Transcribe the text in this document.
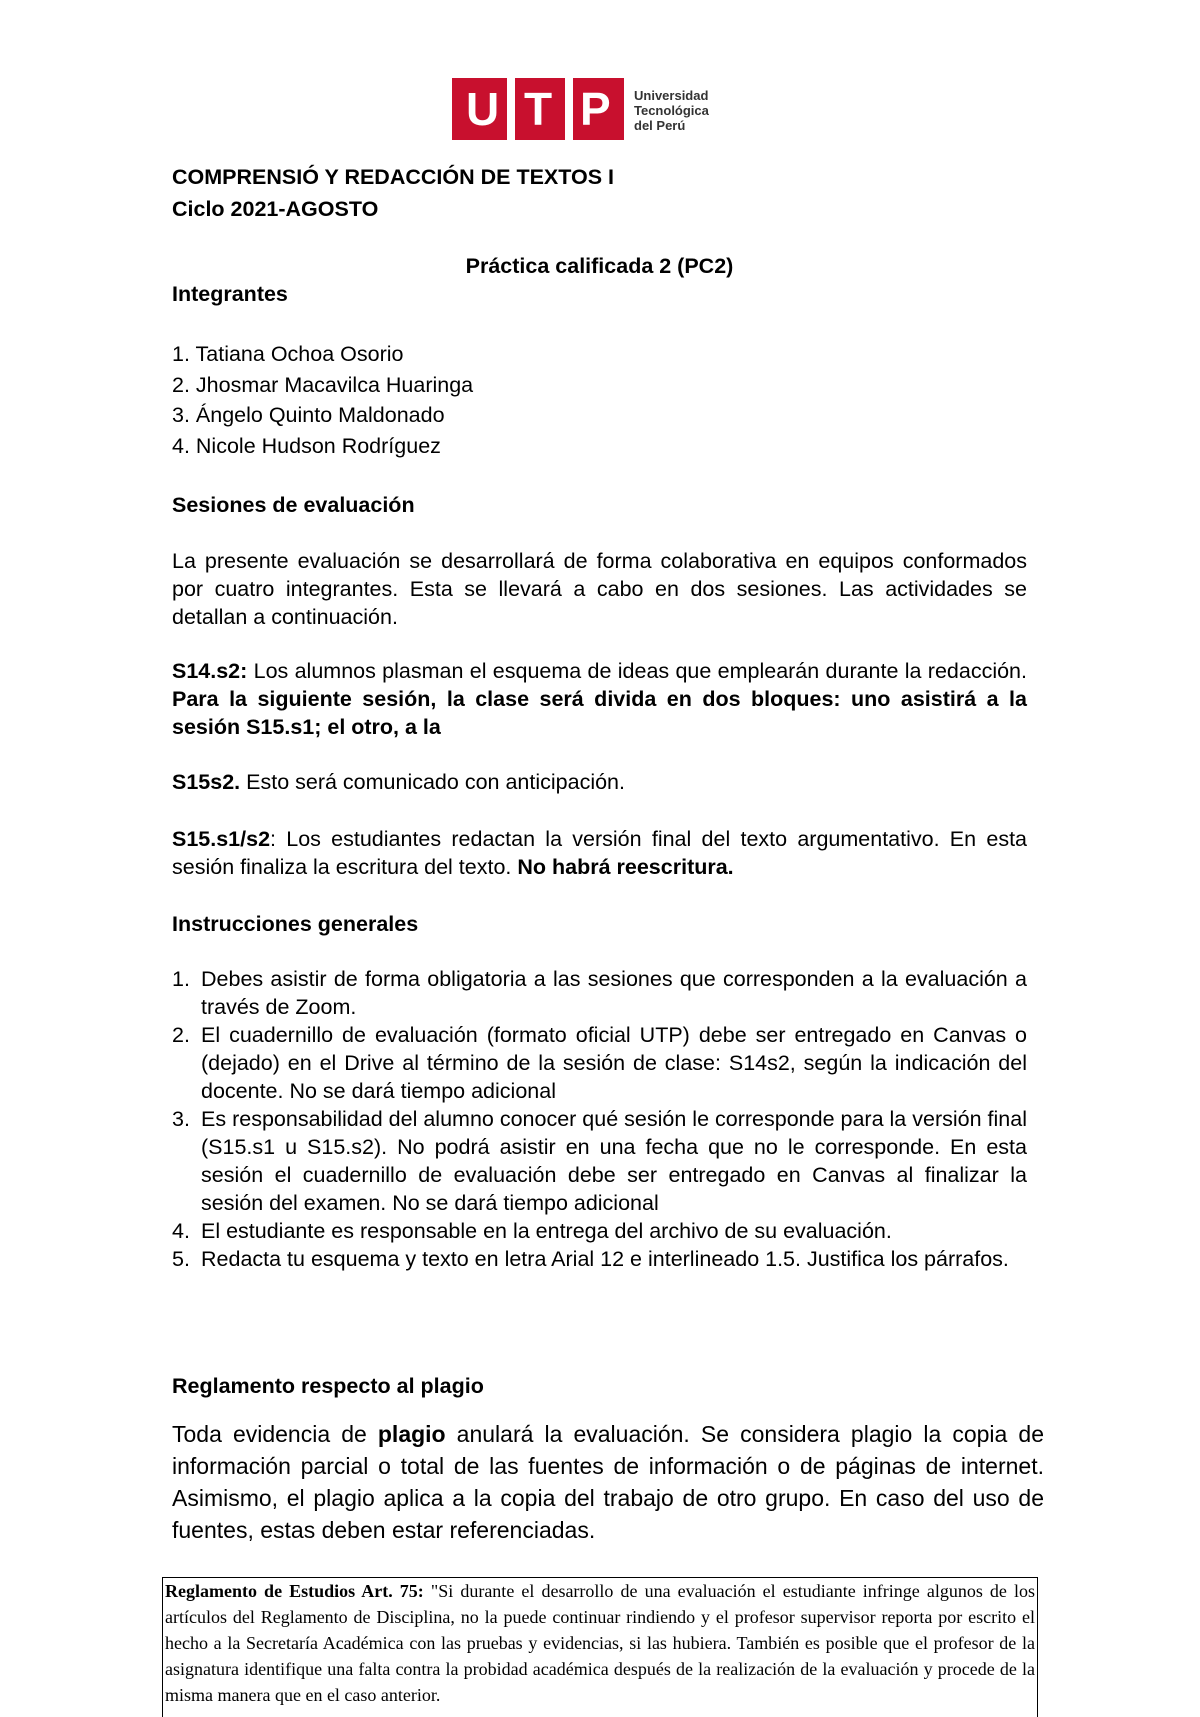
U T P Universidad
Tecnológica
del Perú
COMPRENSIÓ Y REDACCIÓN DE TEXTOS I
Ciclo 2021-AGOSTO
Práctica calificada 2 (PC2)
Integrantes
1. Tatiana Ochoa Osorio
2. Jhosmar Macavilca Huaringa
3. Ángelo Quinto Maldonado
4. Nicole Hudson Rodríguez
Sesiones de evaluación
La presente evaluación se desarrollará de forma colaborativa en equipos conformados por cuatro integrantes. Esta se llevará a cabo en dos sesiones. Las actividades se detallan a continuación.
S14.s2: Los alumnos plasman el esquema de ideas que emplearán durante la redacción. Para la siguiente sesión, la clase será divida en dos bloques: uno asistirá a la sesión S15.s1; el otro, a la
S15s2. Esto será comunicado con anticipación.
S15.s1/s2: Los estudiantes redactan la versión final del texto argumentativo. En esta sesión finaliza la escritura del texto. No habrá reescritura.
Instrucciones generales
1. Debes asistir de forma obligatoria a las sesiones que corresponden a la evaluación a través de Zoom.
2. El cuadernillo de evaluación (formato oficial UTP) debe ser entregado en Canvas o (dejado) en el Drive al término de la sesión de clase: S14s2, según la indicación del docente. No se dará tiempo adicional
3. Es responsabilidad del alumno conocer qué sesión le corresponde para la versión final (S15.s1 u S15.s2). No podrá asistir en una fecha que no le corresponde. En esta sesión el cuadernillo de evaluación debe ser entregado en Canvas al finalizar la sesión del examen. No se dará tiempo adicional
4. El estudiante es responsable en la entrega del archivo de su evaluación.
5. Redacta tu esquema y texto en letra Arial 12 e interlineado 1.5. Justifica los párrafos.
Reglamento respecto al plagio
Toda evidencia de plagio anulará la evaluación. Se considera plagio la copia de información parcial o total de las fuentes de información o de páginas de internet. Asimismo, el plagio aplica a la copia del trabajo de otro grupo. En caso del uso de fuentes, estas deben estar referenciadas.
Reglamento de Estudios Art. 75: "Si durante el desarrollo de una evaluación el estudiante infringe algunos de los artículos del Reglamento de Disciplina, no la puede continuar rindiendo y el profesor supervisor reporta por escrito el hecho a la Secretaría Académica con las pruebas y evidencias, si las hubiera. También es posible que el profesor de la asignatura identifique una falta contra la probidad académica después de la realización de la evaluación y procede de la misma manera que en el caso anterior.
